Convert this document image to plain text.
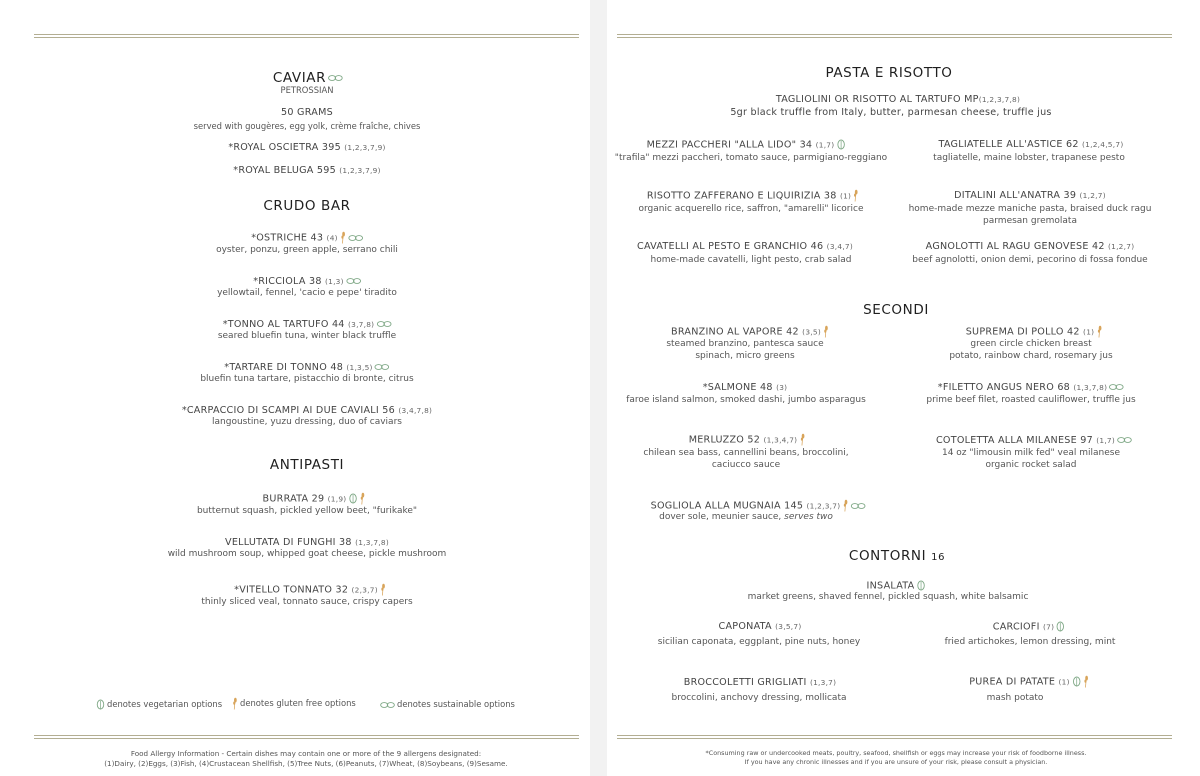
CAVIAR
PETROSSIAN
50 GRAMS
served with gougères, egg yolk, crème fraîche, chives
*ROYAL OSCIETRA 395 (1,2,3,7,9)
*ROYAL BELUGA 595 (1,2,3,7,9)
CRUDO BAR
*OSTRICHE 43 (4)
oyster, ponzu, green apple, serrano chili
*RICCIOLA 38 (1,3)
yellowtail, fennel, 'cacio e pepe' tiradito
*TONNO AL TARTUFO 44 (3,7,8)
seared bluefin tuna, winter black truffle
*TARTARE DI TONNO 48 (1,3,5)
bluefin tuna tartare, pistacchio di bronte, citrus
*CARPACCIO DI SCAMPI AI DUE CAVIALI 56 (3,4,7,8)
langoustine, yuzu dressing, duo of caviars
ANTIPASTI
BURRATA 29 (1,9)
butternut squash, pickled yellow beet, "furikake"
VELLUTATA DI FUNGHI 38 (1,3,7,8)
wild mushroom soup, whipped goat cheese, pickle mushroom
*VITELLO TONNATO 32 (2,3,7)
thinly sliced veal, tonnato sauce, crispy capers
denotes vegetarian options	denotes gluten free options	denotes sustainable options
Food Allergy Information - Certain dishes may contain one or more of the 9 allergens designated:
(1)Dairy, (2)Eggs, (3)Fish, (4)Crustacean Shellfish, (5)Tree Nuts, (6)Peanuts, (7)Wheat, (8)Soybeans, (9)Sesame.
PASTA E RISOTTO
TAGLIOLINI OR RISOTTO AL TARTUFO MP(1,2,3,7,8)
5gr black truffle from Italy, butter, parmesan cheese, truffle jus
MEZZI PACCHERI "ALLA LIDO" 34 (1,7)
"trafila" mezzi paccheri, tomato sauce, parmigiano-reggiano
RISOTTO ZAFFERANO E LIQUIRIZIA 38 (1)
organic acquerello rice, saffron, "amarelli" licorice
CAVATELLI AL PESTO E GRANCHIO 46 (3,4,7)
home-made cavatelli, light pesto, crab salad
TAGLIATELLE ALL'ASTICE 62 (1,2,4,5,7)
tagliatelle, maine lobster, trapanese pesto
DITALINI ALL'ANATRA 39 (1,2,7)
home-made mezze maniche pasta, braised duck ragu
parmesan gremolata
AGNOLOTTI AL RAGU GENOVESE 42 (1,2,7)
beef agnolotti, onion demi, pecorino di fossa fondue
SECONDI
BRANZINO AL VAPORE 42 (3,5)
steamed branzino, pantesca sauce
spinach, micro greens
*SALMONE 48 (3)
faroe island salmon, smoked dashi, jumbo asparagus
MERLUZZO 52 (1,3,4,7)
chilean sea bass, cannellini beans, broccolini,
caciucco sauce
SOGLIOLA ALLA MUGNAIA 145 (1,2,3,7)
dover sole, meunier sauce, serves two
SUPREMA DI POLLO 42 (1)
green circle chicken breast
potato, rainbow chard, rosemary jus
*FILETTO ANGUS NERO 68 (1,3,7,8)
prime beef filet, roasted cauliflower, truffle jus
COTOLETTA ALLA MILANESE 97 (1,7)
14 oz "limousin milk fed" veal milanese
organic rocket salad
CONTORNI 16
INSALATA
market greens, shaved fennel, pickled squash, white balsamic
CAPONATA (3,5,7)
sicilian caponata, eggplant, pine nuts, honey
BROCCOLETTI GRIGLIATI (1,3,7)
broccolini, anchovy dressing, mollicata
CARCIOFI (7)
fried artichokes, lemon dressing, mint
PUREA DI PATATE (1)
mash potato
*Consuming raw or undercooked meats, poultry, seafood, shellfish or eggs may increase your risk of foodborne illness.
If you have any chronic illnesses and if you are unsure of your risk, please consult a physician.
